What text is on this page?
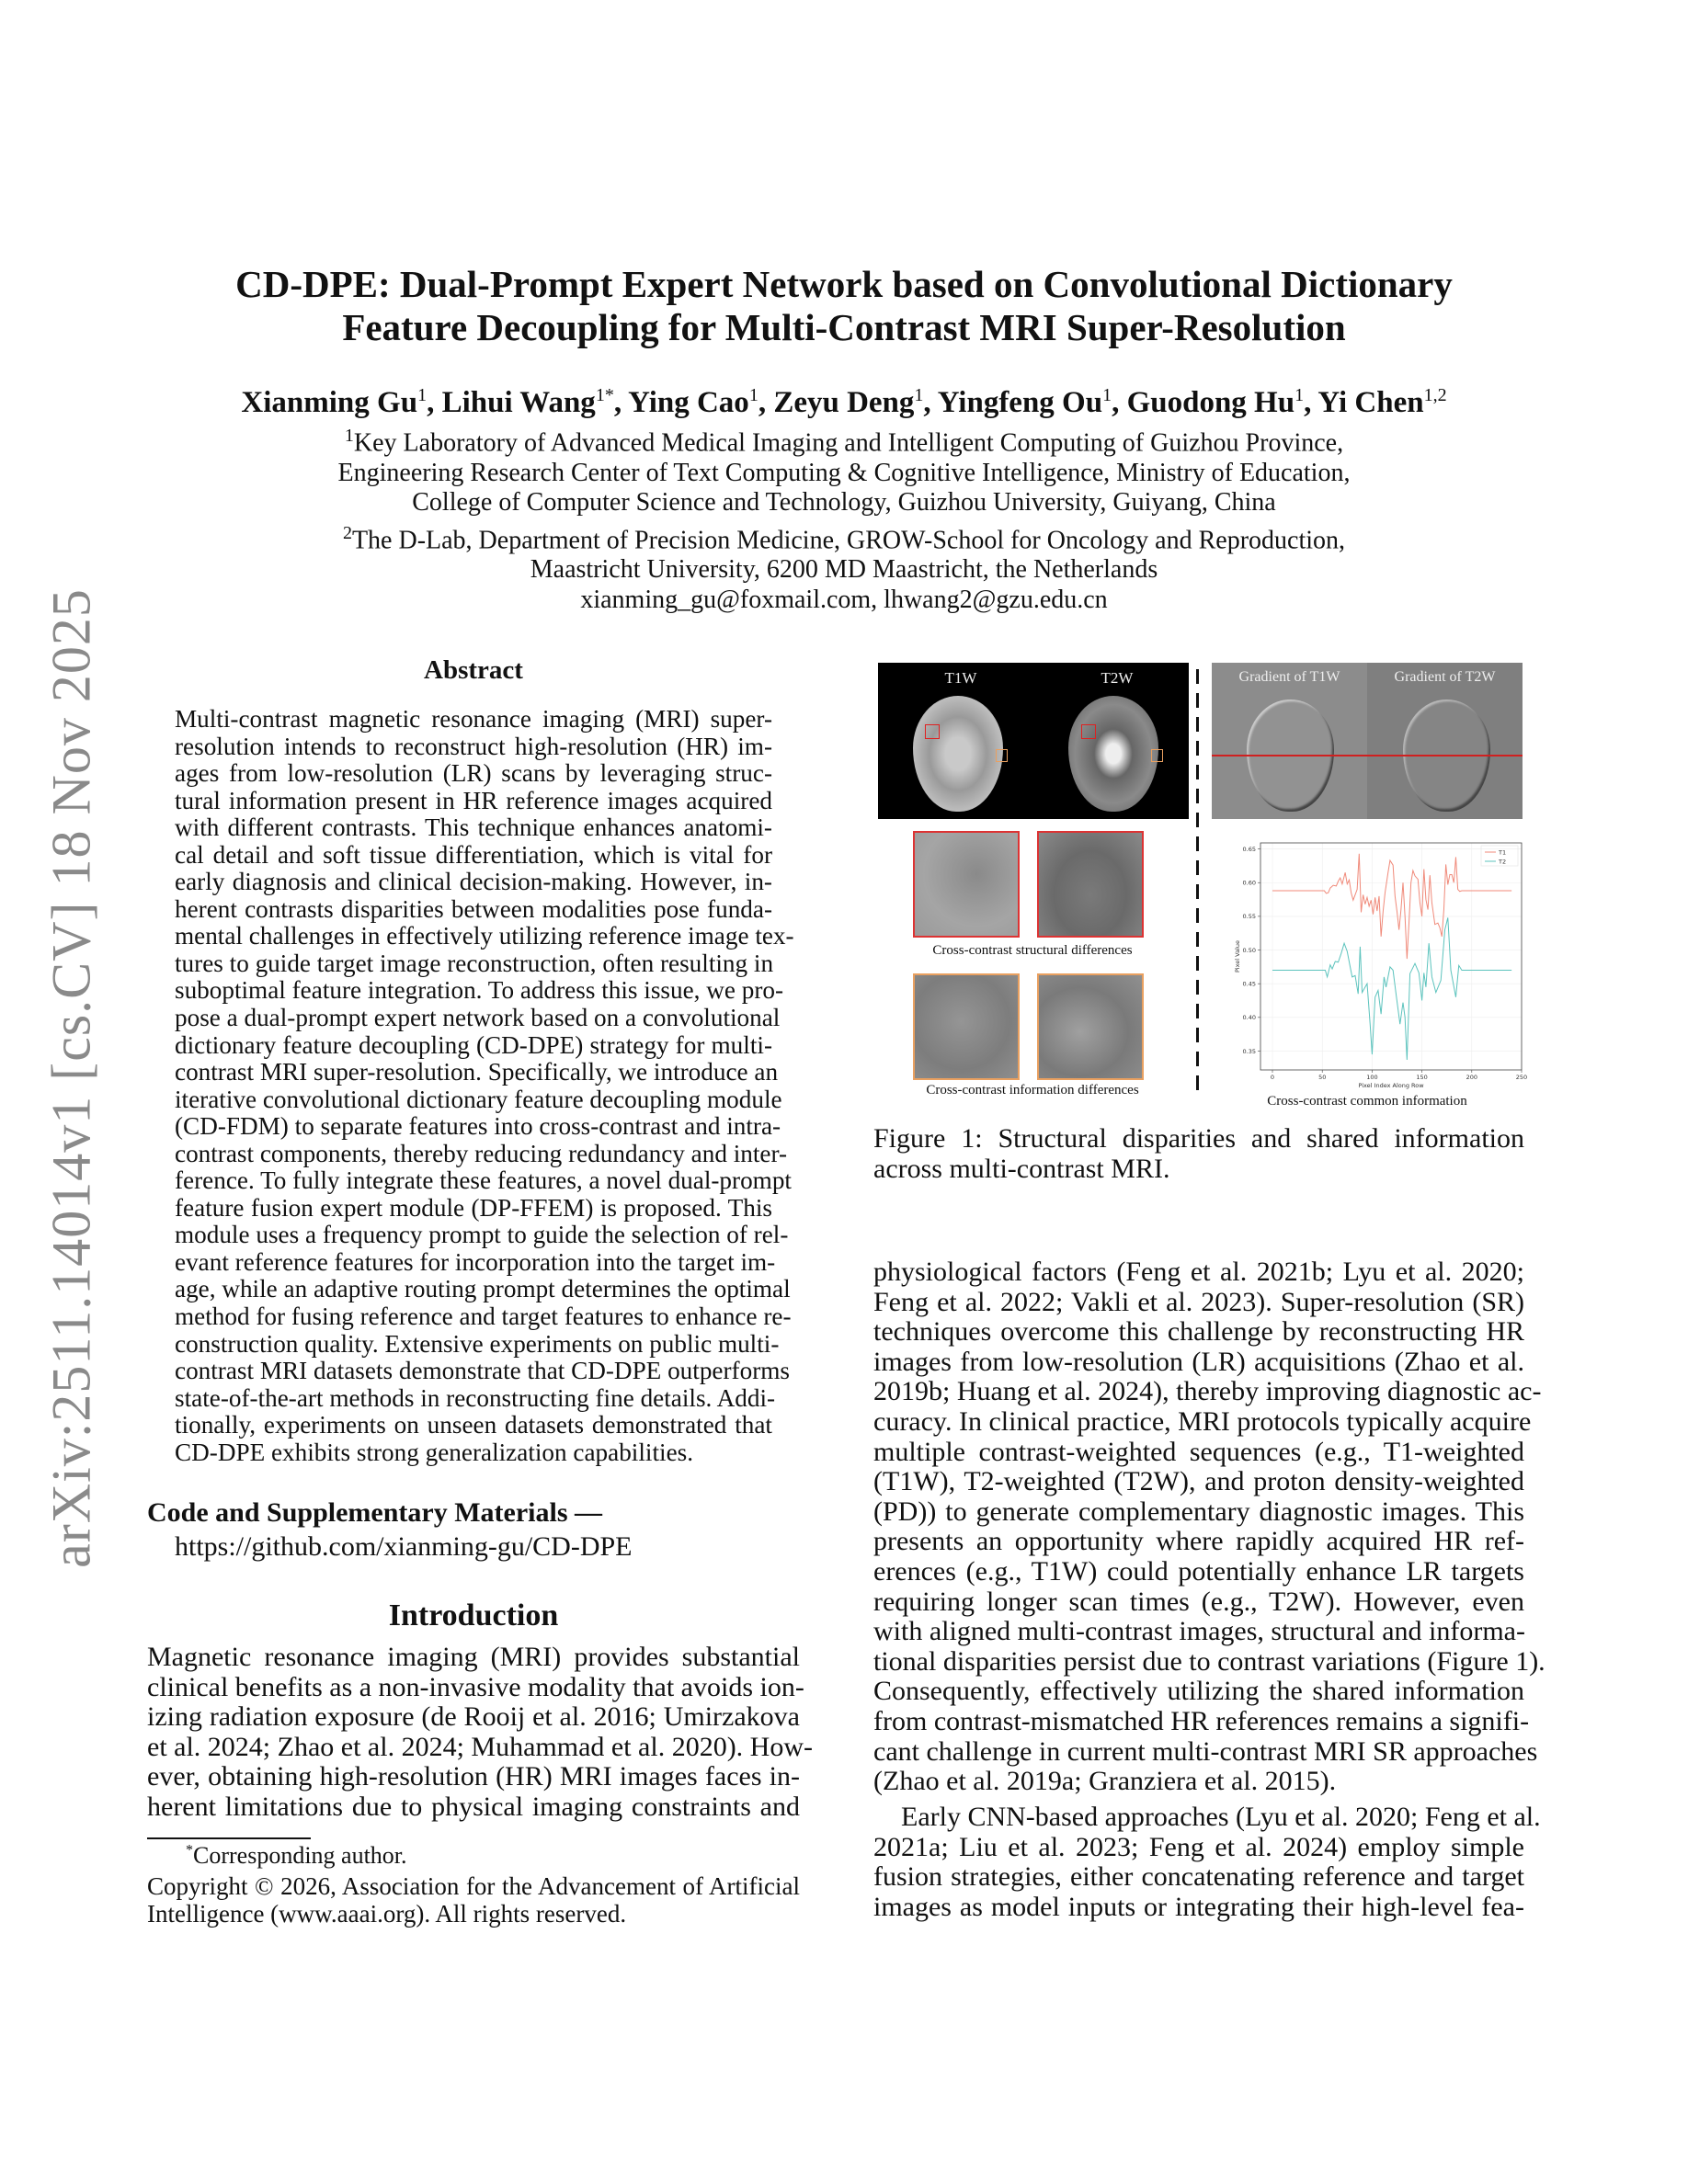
arXiv:2511.14014v1 [cs.CV] 18 Nov 2025
CD-DPE: Dual-Prompt Expert Network based on Convolutional Dictionary
Feature Decoupling for Multi-Contrast MRI Super-Resolution
Xianming Gu$^1$, Lihui Wang$^{1*}$, Ying Cao$^1$, Zeyu Deng$^1$, Yingfeng Ou$^1$, Guodong Hu$^1$, Yi Chen$^{1,2}$
$^1$Key Laboratory of Advanced Medical Imaging and Intelligent Computing of Guizhou Province,
Engineering Research Center of Text Computing & Cognitive Intelligence, Ministry of Education,
College of Computer Science and Technology, Guizhou University, Guiyang, China
$^2$The D-Lab, Department of Precision Medicine, GROW-School for Oncology and Reproduction,
Maastricht University, 6200 MD Maastricht, the Netherlands
xianming_gu@foxmail.com, lhwang2@gzu.edu.cn
Abstract
Multi-contrast magnetic resonance imaging (MRI) super-
resolution intends to reconstruct high-resolution (HR) im-
ages from low-resolution (LR) scans by leveraging struc-
tural information present in HR reference images acquired
with different contrasts. This technique enhances anatomi-
cal detail and soft tissue differentiation, which is vital for
early diagnosis and clinical decision-making. However, in-
herent contrasts disparities between modalities pose funda-
mental challenges in effectively utilizing reference image tex-
tures to guide target image reconstruction, often resulting in
suboptimal feature integration. To address this issue, we pro-
pose a dual-prompt expert network based on a convolutional
dictionary feature decoupling (CD-DPE) strategy for multi-
contrast MRI super-resolution. Specifically, we introduce an
iterative convolutional dictionary feature decoupling module
(CD-FDM) to separate features into cross-contrast and intra-
contrast components, thereby reducing redundancy and inter-
ference. To fully integrate these features, a novel dual-prompt
feature fusion expert module (DP-FFEM) is proposed. This
module uses a frequency prompt to guide the selection of rel-
evant reference features for incorporation into the target im-
age, while an adaptive routing prompt determines the optimal
method for fusing reference and target features to enhance re-
construction quality. Extensive experiments on public multi-
contrast MRI datasets demonstrate that CD-DPE outperforms
state-of-the-art methods in reconstructing fine details. Addi-
tionally, experiments on unseen datasets demonstrated that
CD-DPE exhibits strong generalization capabilities.
Code and Supplementary Materials —
https://github.com/xianming-gu/CD-DPE
Introduction
Magnetic resonance imaging (MRI) provides substantial
clinical benefits as a non-invasive modality that avoids ion-
izing radiation exposure (de Rooij et al. 2016; Umirzakova
et al. 2024; Zhao et al. 2024; Muhammad et al. 2020). How-
ever, obtaining high-resolution (HR) MRI images faces in-
herent limitations due to physical imaging constraints and
*Corresponding author.
Copyright © 2026, Association for the Advancement of Artificial
Intelligence (www.aaai.org). All rights reserved.
T1W	T2W	Gradient of T1W	Gradient of T2W
Cross-contrast structural differences
Cross-contrast information differences
0	50	100	150	200	250
0.35
0.40
0.45
0.50
0.55
0.60
0.65	T1
T2
Pixel Index Along Row
Pixel Value
Cross-contrast common information
Figure 1: Structural disparities and shared information
across multi-contrast MRI.
physiological factors (Feng et al. 2021b; Lyu et al. 2020;
Feng et al. 2022; Vakli et al. 2023). Super-resolution (SR)
techniques overcome this challenge by reconstructing HR
images from low-resolution (LR) acquisitions (Zhao et al.
2019b; Huang et al. 2024), thereby improving diagnostic ac-
curacy. In clinical practice, MRI protocols typically acquire
multiple contrast-weighted sequences (e.g., T1-weighted
(T1W), T2-weighted (T2W), and proton density-weighted
(PD)) to generate complementary diagnostic images. This
presents an opportunity where rapidly acquired HR ref-
erences (e.g., T1W) could potentially enhance LR targets
requiring longer scan times (e.g., T2W). However, even
with aligned multi-contrast images, structural and informa-
tional disparities persist due to contrast variations (Figure 1).
Consequently, effectively utilizing the shared information
from contrast-mismatched HR references remains a signifi-
cant challenge in current multi-contrast MRI SR approaches
(Zhao et al. 2019a; Granziera et al. 2015).
Early CNN-based approaches (Lyu et al. 2020; Feng et al.
2021a; Liu et al. 2023; Feng et al. 2024) employ simple
fusion strategies, either concatenating reference and target
images as model inputs or integrating their high-level fea-
